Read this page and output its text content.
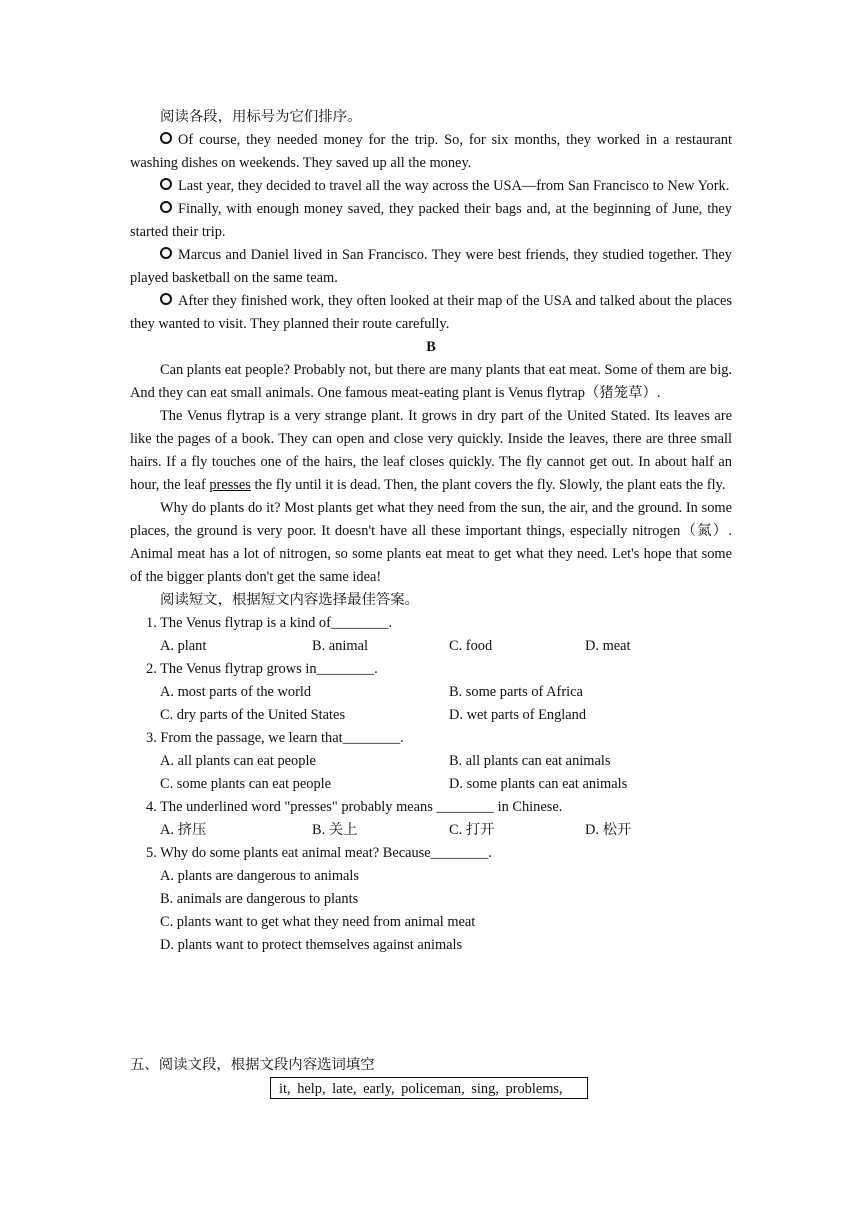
阅读各段，用标号为它们排序。

Of course, they needed money for the trip. So, for six months, they worked in a restaurant washing dishes on weekends. They saved up all the money.

Last year, they decided to travel all the way across the USA—from San Francisco to New York.

Finally, with enough money saved, they packed their bags and, at the beginning of June, they started their trip.

Marcus and Daniel lived in San Francisco. They were best friends, they studied together. They played basketball on the same team.

After they finished work, they often looked at their map of the USA and talked about the places they wanted to visit. They planned their route carefully.

B

Can plants eat people? Probably not, but there are many plants that eat meat. Some of them are big. And they can eat small animals. One famous meat-eating plant is Venus flytrap（猪笼草）.

The Venus flytrap is a very strange plant. It grows in dry part of the United Stated. Its leaves are like the pages of a book. They can open and close very quickly. Inside the leaves, there are three small hairs. If a fly touches one of the hairs, the leaf closes quickly. The fly cannot get out. In about half an hour, the leaf presses the fly until it is dead. Then, the plant covers the fly. Slowly, the plant eats the fly.

Why do plants do it? Most plants get what they need from the sun, the air, and the ground. In some places, the ground is very poor. It doesn't have all these important things, especially nitrogen（氮）. Animal meat has a lot of nitrogen, so some plants eat meat to get what they need. Let's hope that some of the bigger plants don't get the same idea!

阅读短文，根据短文内容选择最佳答案。

1. The Venus flytrap is a kind of________.

A. plant	B. animal	C. food	D. meat

2. The Venus flytrap grows in________.

A. most parts of the world	B. some parts of Africa
C. dry parts of the United States	D. wet parts of England

3. From the passage, we learn that________.

A. all plants can eat people	B. all plants can eat animals
C. some plants can eat people	D. some plants can eat animals

4. The underlined word "presses" probably means ________ in Chinese.

A. 挤压	B. 关上	C. 打开	D. 松开

5. Why do some plants eat animal meat? Because________.

A. plants are dangerous to animals
B. animals are dangerous to plants
C. plants want to get what they need from animal meat
D. plants want to protect themselves against animals
五、阅读文段，根据文段内容选词填空
it, help, late, early, policeman, sing, problems,
